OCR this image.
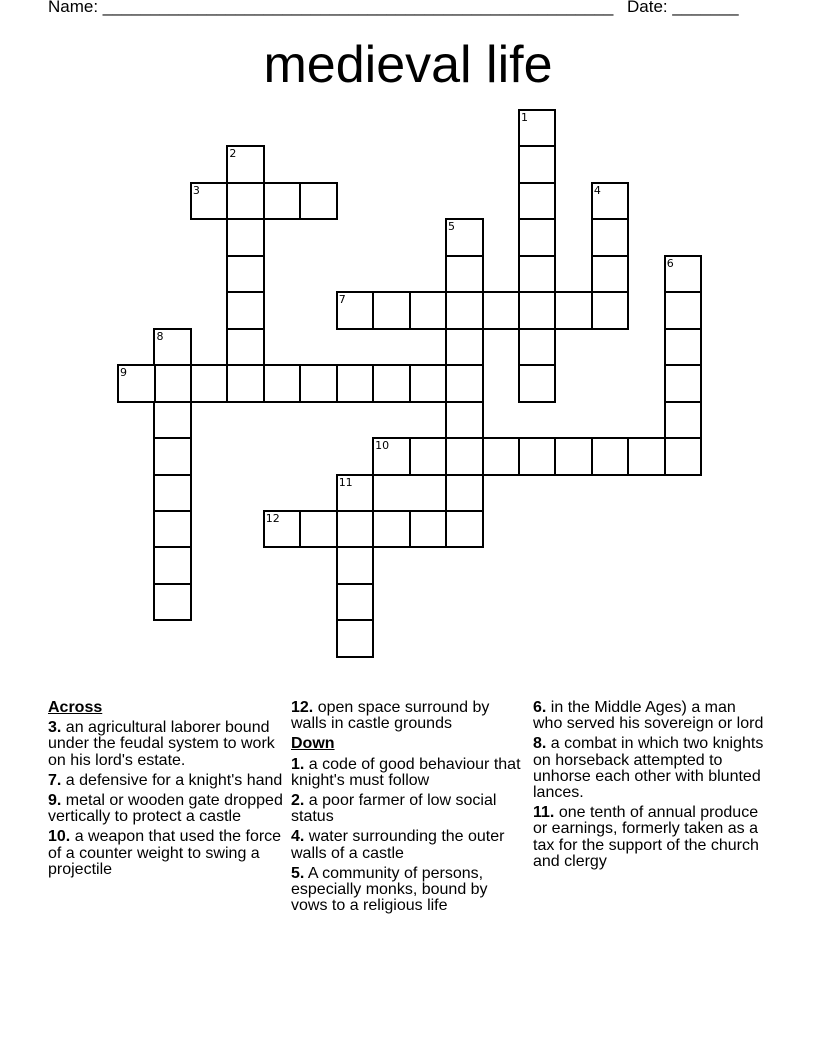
Name: ______________________________________________________ Date: _______
medieval life
1
2
3	4
5
6
7
8
9
10
11
12
Across
3. an agricultural laborer bound under the feudal system to work on his lord's estate.
7. a defensive for a knight's hand
9. metal or wooden gate dropped vertically to protect a castle
10. a weapon that used the force of a counter weight to swing a projectile
12. open space surround by walls in castle grounds
Down
1. a code of good behaviour that knight's must follow
2. a poor farmer of low social status
4. water surrounding the outer walls of a castle
5. A community of persons, especially monks, bound by vows to a religious life
6. in the Middle Ages) a man who served his sovereign or lord
8. a combat in which two knights on horseback attempted to unhorse each other with blunted lances.
11. one tenth of annual produce or earnings, formerly taken as a tax for the support of the church and clergy
